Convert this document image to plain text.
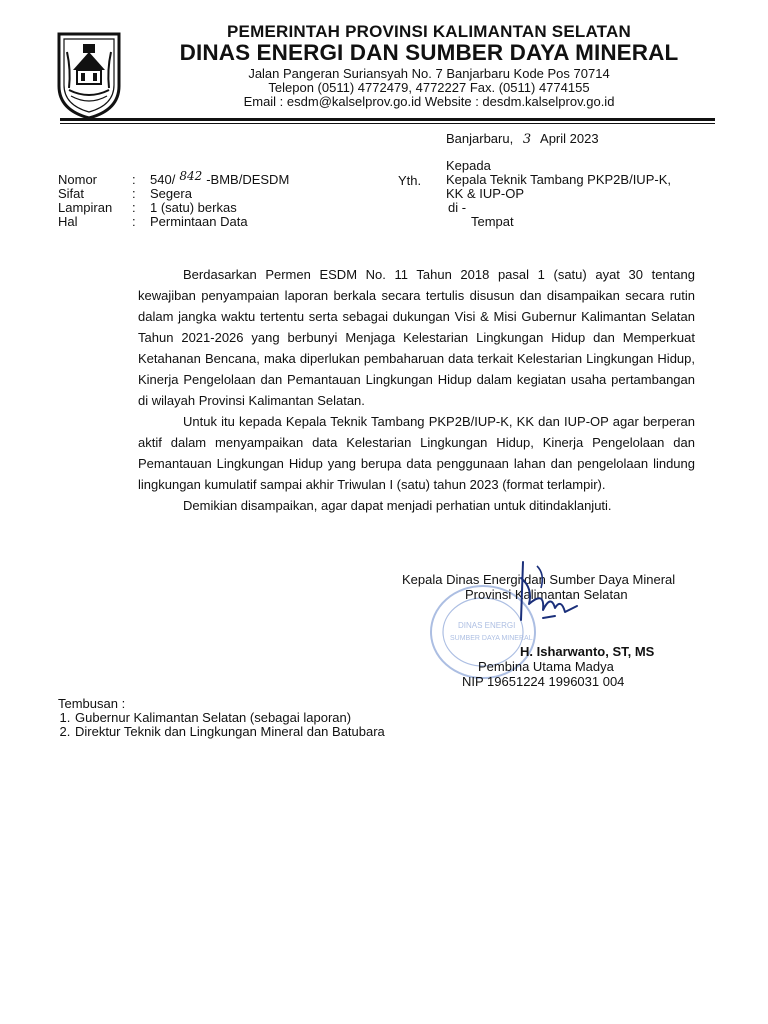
PEMERINTAH PROVINSI KALIMANTAN SELATAN
DINAS ENERGI DAN SUMBER DAYA MINERAL
Jalan Pangeran Suriansyah No. 7 Banjarbaru Kode Pos 70714
Telepon (0511) 4772479, 4772227 Fax. (0511) 4774155
Email : esdm@kalselprov.go.id Website : desdm.kalselprov.go.id
Banjarbaru, 3 April 2023
Nomor	:	540/ 842 -BMB/DESDM
Sifat	:	Segera
Lampiran	:	1 (satu) berkas
Hal	:	Permintaan Data
Kepada
Yth. Kepala Teknik Tambang PKP2B/IUP-K,
KK & IUP-OP
di -
Tempat

Berdasarkan Permen ESDM No. 11 Tahun 2018 pasal 1 (satu) ayat 30 tentang kewajiban penyampaian laporan berkala secara tertulis disusun dan disampaikan secara rutin dalam jangka waktu tertentu serta sebagai dukungan Visi & Misi Gubernur Kalimantan Selatan Tahun 2021-2026 yang berbunyi Menjaga Kelestarian Lingkungan Hidup dan Memperkuat Ketahanan Bencana, maka diperlukan pembaharuan data terkait Kelestarian Lingkungan Hidup, Kinerja Pengelolaan dan Pemantauan Lingkungan Hidup dalam kegiatan usaha pertambangan di wilayah Provinsi Kalimantan Selatan.

Untuk itu kepada Kepala Teknik Tambang PKP2B/IUP-K, KK dan IUP-OP agar berperan aktif dalam menyampaikan data Kelestarian Lingkungan Hidup, Kinerja Pengelolaan dan Pemantauan Lingkungan Hidup yang berupa data penggunaan lahan dan pengelolaan lindung lingkungan kumulatif sampai akhir Triwulan I (satu) tahun 2023 (format terlampir).

Demikian disampaikan, agar dapat menjadi perhatian untuk ditindaklanjuti.

DINAS ENERGI
SUMBER DAYA MINERAL
Kepala Dinas Energi dan Sumber Daya Mineral
Provinsi Kalimantan Selatan
H. Isharwanto, ST, MS
Pembina Utama Madya
NIP 19651224 1996031 004
Tembusan :
1. Gubernur Kalimantan Selatan (sebagai laporan)
2. Direktur Teknik dan Lingkungan Mineral dan Batubara
